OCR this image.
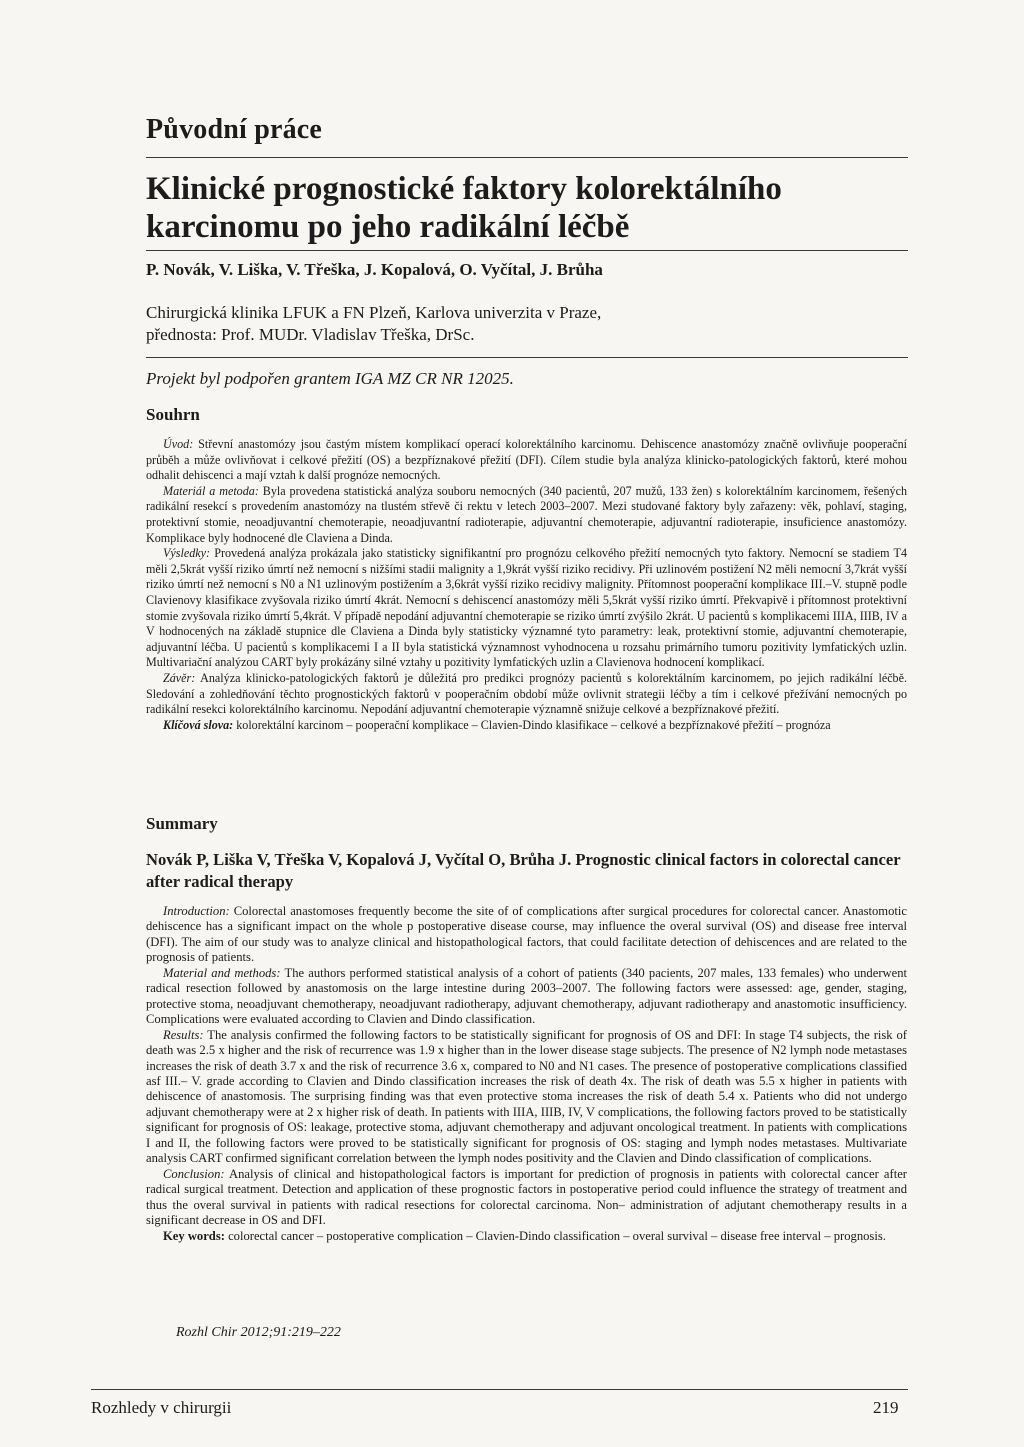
Původní práce
Klinické prognostické faktory kolorektálního
karcinomu po jeho radikální léčbě
P. Novák, V. Liška, V. Třeška, J. Kopalová, O. Vyčítal, J. Brůha
Chirurgická klinika LFUK a FN Plzeň, Karlova univerzita v Praze,
přednosta: Prof. MUDr. Vladislav Třeška, DrSc.
Projekt byl podpořen grantem IGA MZ CR NR 12025.
Souhrn

Úvod: Střevní anastomózy jsou častým místem komplikací operací kolorektálního karcinomu. Dehiscence anastomózy značně ovlivňuje pooperační průběh a může ovlivňovat i celkové přežití (OS) a bezpříznakové přežití (DFI). Cílem studie byla analýza klinicko-patologických faktorů, které mohou odhalit dehiscenci a mají vztah k další prognóze nemocných.

Materiál a metoda: Byla provedena statistická analýza souboru nemocných (340 pacientů, 207 mužů, 133 žen) s kolorektálním karcinomem, řešených radikální resekcí s provedením anastomózy na tlustém střevě či rektu v letech 2003–2007. Mezi studované faktory byly zařazeny: věk, pohlaví, staging, protektivní stomie, neoadjuvantní chemoterapie, neoadjuvantní radioterapie, adjuvantní chemoterapie, adjuvantní radioterapie, insuficience anastomózy. Komplikace byly hodnocené dle Claviena a Dinda.

Výsledky: Provedená analýza prokázala jako statisticky signifikantní pro prognózu celkového přežití nemocných tyto faktory. Nemocní se stadiem T4 měli 2,5krát vyšší riziko úmrtí než nemocní s nižšími stadii malignity a 1,9krát vyšší riziko recidivy. Při uzlinovém postižení N2 měli nemocní 3,7krát vyšší riziko úmrtí než nemocní s N0 a N1 uzlinovým postižením a 3,6krát vyšší riziko recidivy malignity. Přítomnost pooperační komplikace III.–V. stupně podle Clavienovy klasifikace zvyšovala riziko úmrtí 4krát. Nemocní s dehiscencí anastomózy měli 5,5krát vyšší riziko úmrtí. Překvapivě i přítomnost protektivní stomie zvyšovala riziko úmrtí 5,4krát. V případě nepodání adjuvantní chemoterapie se riziko úmrtí zvýšilo 2krát. U pacientů s komplikacemi IIIA, IIIB, IV a V hodnocených na základě stupnice dle Claviena a Dinda byly statisticky významné tyto parametry: leak, protektivní stomie, adjuvantní chemoterapie, adjuvantní léčba. U pacientů s komplikacemi I a II byla statistická významnost vyhodnocena u rozsahu primárního tumoru pozitivity lymfatických uzlin. Multivariační analýzou CART byly prokázány silné vztahy u pozitivity lymfatických uzlin a Clavienova hodnocení komplikací.

Závěr: Analýza klinicko-patologických faktorů je důležitá pro predikci prognózy pacientů s kolorektálním karcinomem, po jejich radikální léčbě. Sledování a zohledňování těchto prognostických faktorů v pooperačním období může ovlivnit strategii léčby a tím i celkové přežívání nemocných po radikální resekci kolorektálního karcinomu. Nepodání adjuvantní chemoterapie významně snižuje celkové a bezpříznakové přežití.

Klíčová slova: kolorektální karcinom – pooperační komplikace – Clavien-Dindo klasifikace – celkové a bezpříznakové přežití – prognóza

Summary
Novák P, Liška V, Třeška V, Kopalová J, Vyčítal O, Brůha J. Prognostic clinical factors in colorectal cancer after radical therapy

Introduction: Colorectal anastomoses frequently become the site of of complications after surgical procedures for colorectal cancer. Anastomotic dehiscence has a significant impact on the whole p postoperative disease course, may influence the overal survival (OS) and disease free interval (DFI). The aim of our study was to analyze clinical and histopathological factors, that could facilitate detection of dehiscences and are related to the prognosis of patients.

Material and methods: The authors performed statistical analysis of a cohort of patients (340 pacients, 207 males, 133 females) who underwent radical resection followed by anastomosis on the large intestine during 2003–2007. The following factors were assessed: age, gender, staging, protective stoma, neoadjuvant chemotherapy, neoadjuvant radiotherapy, adjuvant chemotherapy, adjuvant radiotherapy and anastomotic insufficiency. Complications were evaluated according to Clavien and Dindo classification.

Results: The analysis confirmed the following factors to be statistically significant for prognosis of OS and DFI: In stage T4 subjects, the risk of death was 2.5 x higher and the risk of recurrence was 1.9 x higher than in the lower disease stage subjects. The presence of N2 lymph node metastases increases the risk of death 3.7 x and the risk of recurrence 3.6 x, compared to N0 and N1 cases. The presence of postoperative complications classified asf III.– V. grade according to Clavien and Dindo classification increases the risk of death 4x. The risk of death was 5.5 x higher in patients with dehiscence of anastomosis. The surprising finding was that even protective stoma increases the risk of death 5.4 x. Patients who did not undergo adjuvant chemotherapy were at 2 x higher risk of death. In patients with IIIA, IIIB, IV, V complications, the following factors proved to be statistically significant for prognosis of OS: leakage, protective stoma, adjuvant chemotherapy and adjuvant oncological treatment. In patients with complications I and II, the following factors were proved to be statistically significant for prognosis of OS: staging and lymph nodes metastases. Multivariate analysis CART confirmed significant correlation between the lymph nodes positivity and the Clavien and Dindo classification of complications.

Conclusion: Analysis of clinical and histopathological factors is important for prediction of prognosis in patients with colorectal cancer after radical surgical treatment. Detection and application of these prognostic factors in postoperative period could influence the strategy of treatment and thus the overal survival in patients with radical resections for colorectal carcinoma. Non– administration of adjutant chemotherapy results in a significant decrease in OS and DFI.

Key words: colorectal cancer – postoperative complication – Clavien-Dindo classification – overal survival – disease free interval – prognosis.

Rozhl Chir 2012;91:219–222
Rozhledy v chirurgii	219
